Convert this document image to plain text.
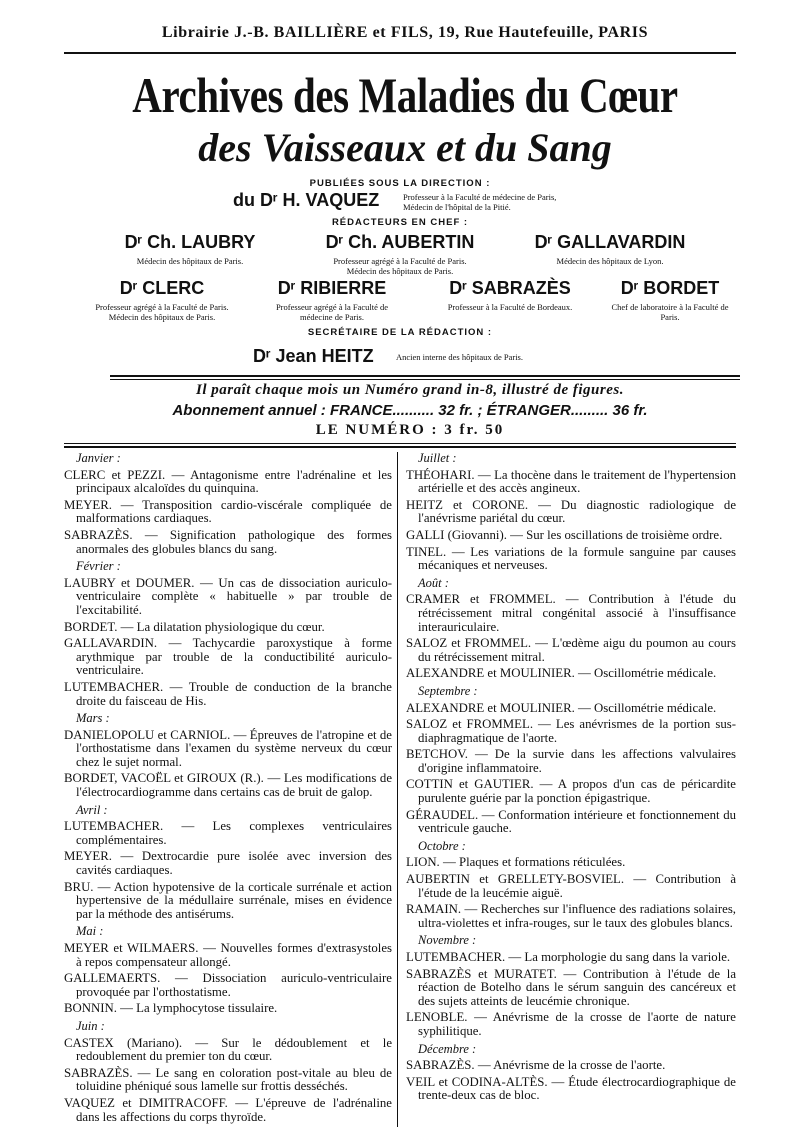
Librairie J.-B. BAILLIÈRE et FILS, 19, Rue Hautefeuille, PARIS
Archives des Maladies du Cœur
des Vaisseaux et du Sang
PUBLIÉES SOUS LA DIRECTION :
du Dʳ H. VAQUEZ	Professeur à la Faculté de médecine de Paris,
Médecin de l'hôpital de la Pitié.
RÉDACTEURS EN CHEF :
Dʳ Ch. LAUBRY
Médecin des hôpitaux de Paris.
Dʳ Ch. AUBERTIN
Professeur agrégé à la Faculté de Paris. Médecin des hôpitaux de Paris.
Dʳ GALLAVARDIN
Médecin des hôpitaux de Lyon.
Dʳ CLERC
Professeur agrégé à la Faculté de Paris. Médecin des hôpitaux de Paris.
Dʳ RIBIERRE
Professeur agrégé à la Faculté de médecine de Paris.
Dʳ SABRAZÈS
Professeur à la Faculté de Bordeaux.
Dʳ BORDET
Chef de laboratoire à la Faculté de Paris.
SECRÉTAIRE DE LA RÉDACTION :
Dʳ Jean HEITZ	Ancien interne des hôpitaux de Paris.
Il paraît chaque mois un Numéro grand in-8, illustré de figures.
Abonnement annuel : FRANCE.......... 32 fr. ; ÉTRANGER......... 36 fr.
LE NUMÉRO : 3 fr. 50
Janvier :
CLERC et PEZZI. — Antagonisme entre l'adrénaline et les principaux alcaloïdes du quinquina.
MEYER. — Transposition cardio-viscérale compliquée de malformations cardiaques.
SABRAZÈS. — Signification pathologique des formes anormales des globules blancs du sang.
Février :
LAUBRY et DOUMER. — Un cas de dissociation auriculo-ventriculaire complète « habituelle » par trouble de l'excitabilité.
BORDET. — La dilatation physiologique du cœur.
GALLAVARDIN. — Tachycardie paroxystique à forme arythmique par trouble de la conductibilité auriculo-ventriculaire.
LUTEMBACHER. — Trouble de conduction de la branche droite du faisceau de His.
Mars :
DANIELOPOLU et CARNIOL. — Épreuves de l'atropine et de l'orthostatisme dans l'examen du système nerveux du cœur chez le sujet normal.
BORDET, VACOËL et GIROUX (R.). — Les modifications de l'électrocardiogramme dans certains cas de bruit de galop.
Avril :
LUTEMBACHER. — Les complexes ventriculaires complémentaires.
MEYER. — Dextrocardie pure isolée avec inversion des cavités cardiaques.
BRU. — Action hypotensive de la corticale surrénale et action hypertensive de la médullaire surrénale, mises en évidence par la méthode des antisérums.
Mai :
MEYER et WILMAERS. — Nouvelles formes d'extrasystoles à repos compensateur allongé.
GALLEMAERTS. — Dissociation auriculo-ventriculaire provoquée par l'orthostatisme.
BONNIN. — La lymphocytose tissulaire.
Juin :
CASTEX (Mariano). — Sur le dédoublement et le redoublement du premier ton du cœur.
SABRAZÈS. — Le sang en coloration post-vitale au bleu de toluidine phéniqué sous lamelle sur frottis desséchés.
VAQUEZ et DIMITRACOFF. — L'épreuve de l'adrénaline dans les affections du corps thyroïde.
Juillet :
THÉOHARI. — La thocène dans le traitement de l'hypertension artérielle et des accès angineux.
HEITZ et CORONE. — Du diagnostic radiologique de l'anévrisme pariétal du cœur.
GALLI (Giovanni). — Sur les oscillations de troisième ordre.
TINEL. — Les variations de la formule sanguine par causes mécaniques et nerveuses.
Août :
CRAMER et FROMMEL. — Contribution à l'étude du rétrécissement mitral congénital associé à l'insuffisance interauriculaire.
SALOZ et FROMMEL. — L'œdème aigu du poumon au cours du rétrécissement mitral.
ALEXANDRE et MOULINIER. — Oscillométrie médicale.
Septembre :
ALEXANDRE et MOULINIER. — Oscillométrie médicale.
SALOZ et FROMMEL. — Les anévrismes de la portion sus-diaphragmatique de l'aorte.
BETCHOV. — De la survie dans les affections valvulaires d'origine inflammatoire.
COTTIN et GAUTIER. — A propos d'un cas de péricardite purulente guérie par la ponction épigastrique.
GÉRAUDEL. — Conformation intérieure et fonctionnement du ventricule gauche.
Octobre :
LION. — Plaques et formations réticulées.
AUBERTIN et GRELLETY-BOSVIEL. — Contribution à l'étude de la leucémie aiguë.
RAMAIN. — Recherches sur l'influence des radiations solaires, ultra-violettes et infra-rouges, sur le taux des globules blancs.
Novembre :
LUTEMBACHER. — La morphologie du sang dans la variole.
SABRAZÈS et MURATET. — Contribution à l'étude de la réaction de Botelho dans le sérum sanguin des cancéreux et des sujets atteints de leucémie chronique.
LENOBLE. — Anévrisme de la crosse de l'aorte de nature syphilitique.
Décembre :
SABRAZÈS. — Anévrisme de la crosse de l'aorte.
VEIL et CODINA-ALTÈS. — Étude électrocardiographique de trente-deux cas de bloc.
